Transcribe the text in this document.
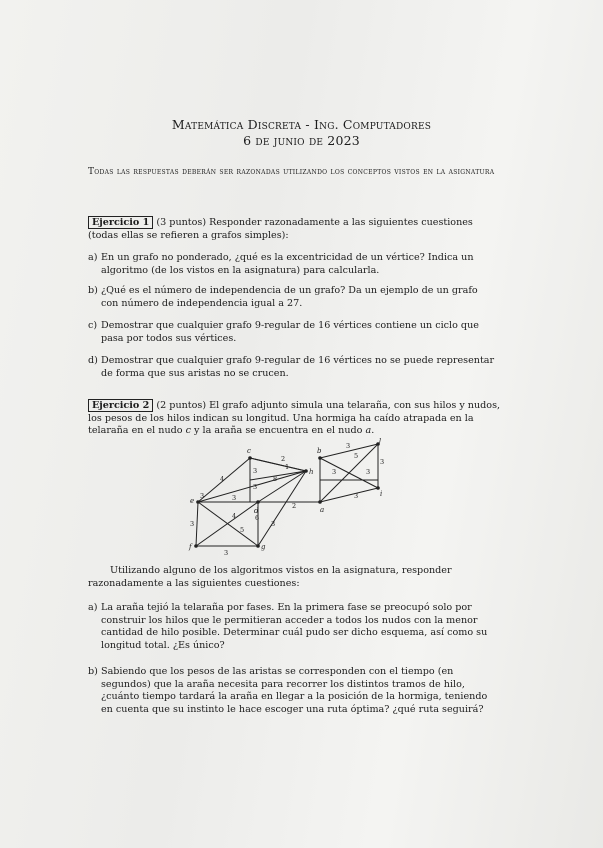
Matemática Discreta - Ing. Computadores
6 de junio de 2023
Todas las respuestas deberán ser razonadas utilizando los conceptos vistos en la asignatura
Ejercicio 1 (3 puntos) Responder razonadamente a las siguientes cuestiones (todas ellas se refieren a grafos simples):
a) En un grafo no ponderado, ¿qué es la excentricidad de un vértice? Indica un algoritmo (de los vistos en la asignatura) para calcularla.
b) ¿Qué es el número de independencia de un grafo? Da un ejemplo de un grafo con número de independencia igual a 27.
c) Demostrar que cualquier grafo 9-regular de 16 vértices contiene un ciclo que pasa por todos sus vértices.
d) Demostrar que cualquier grafo 9-regular de 16 vértices no se puede representar de forma que sus aristas no se crucen.
Ejercicio 2 (2 puntos) El grafo adjunto simula una telaraña, con sus hilos y nudos, los pesos de los hilos indican su longitud. Una hormiga ha caído atrapada en la telaraña en el nudo c y la araña se encuentra en el nudo a.
a
b
c
d
e
f	g
h
i
j
2
4
3	1
8
3
3
4	6
5
3
3
2
3
5
3
3	3
3
3
3
Utilizando alguno de los algoritmos vistos en la asignatura, responder razonadamente a las siguientes cuestiones:
a) La araña tejió la telaraña por fases. En la primera fase se preocupó solo por construir los hilos que le permitieran acceder a todos los nudos con la menor cantidad de hilo posible. Determinar cuál pudo ser dicho esquema, así como su longitud total. ¿Es único?
b) Sabiendo que los pesos de las aristas se corresponden con el tiempo (en segundos) que la araña necesita para recorrer los distintos tramos de hilo, ¿cuánto tiempo tardará la araña en llegar a la posición de la hormiga, teniendo en cuenta que su instinto le hace escoger una ruta óptima? ¿qué ruta seguirá?
